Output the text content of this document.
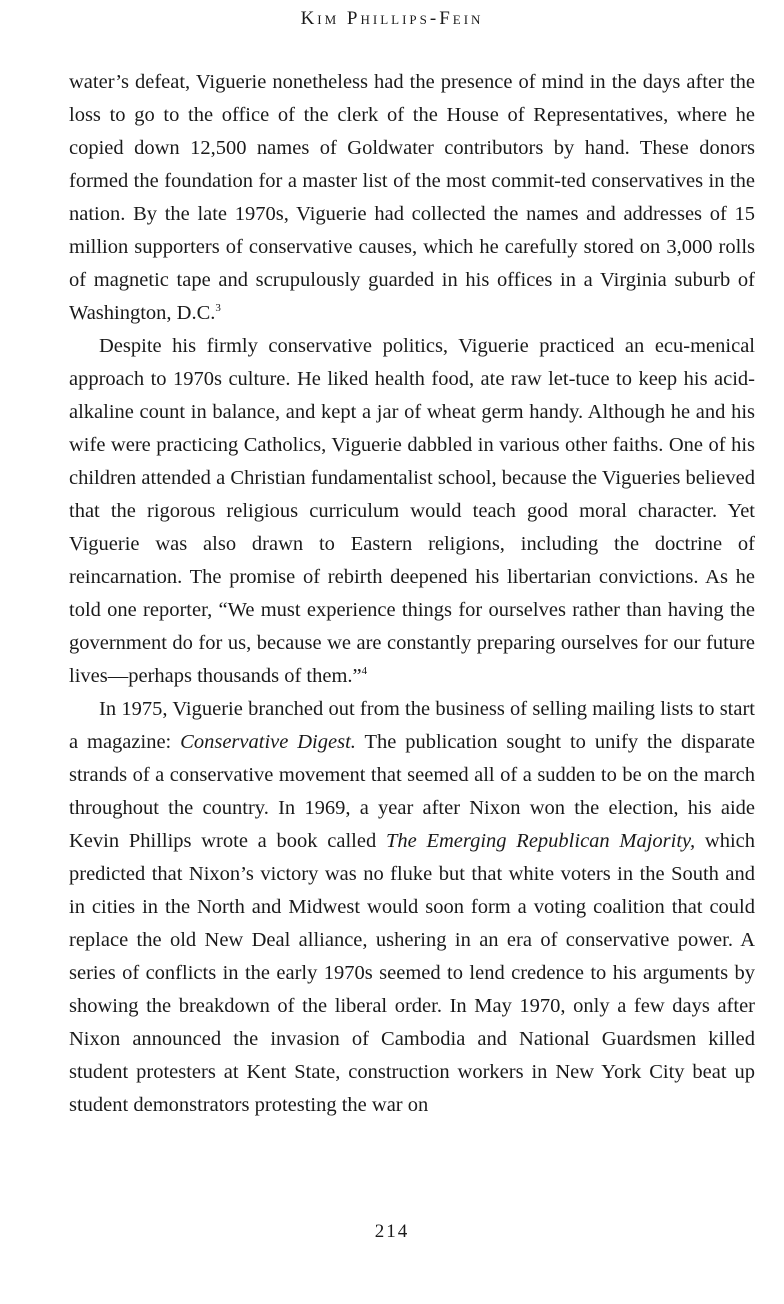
Kim Phillips-Fein

water’s defeat, Viguerie nonetheless had the presence of mind in the days after the loss to go to the office of the clerk of the House of Representatives, where he copied down 12,500 names of Goldwater contributors by hand. These donors formed the foundation for a master list of the most commit-ted conservatives in the nation. By the late 1970s, Viguerie had collected the names and addresses of 15 million supporters of conservative causes, which he carefully stored on 3,000 rolls of magnetic tape and scrupulously guarded in his offices in a Virginia suburb of Washington, D.C.$^3$

Despite his firmly conservative politics, Viguerie practiced an ecu-menical approach to 1970s culture. He liked health food, ate raw let-tuce to keep his acid-alkaline count in balance, and kept a jar of wheat germ handy. Although he and his wife were practicing Catholics, Viguerie dabbled in various other faiths. One of his children attended a Christian fundamentalist school, because the Vigueries believed that the rigorous religious curriculum would teach good moral character. Yet Viguerie was also drawn to Eastern religions, including the doctrine of reincarnation. The promise of rebirth deepened his libertarian convictions. As he told one reporter, “We must experience things for ourselves rather than having the government do for us, because we are constantly preparing ourselves for our future lives—perhaps thousands of them.”$^4$

In 1975, Viguerie branched out from the business of selling mailing lists to start a magazine: Conservative Digest. The publication sought to unify the disparate strands of a conservative movement that seemed all of a sudden to be on the march throughout the country. In 1969, a year after Nixon won the election, his aide Kevin Phillips wrote a book called The Emerging Republican Majority, which predicted that Nixon’s victory was no fluke but that white voters in the South and in cities in the North and Midwest would soon form a voting coalition that could replace the old New Deal alliance, ushering in an era of conservative power. A series of conflicts in the early 1970s seemed to lend credence to his arguments by showing the breakdown of the liberal order. In May 1970, only a few days after Nixon announced the invasion of Cambodia and National Guardsmen killed student protesters at Kent State, construction workers in New York City beat up student demonstrators protesting the war on

214
